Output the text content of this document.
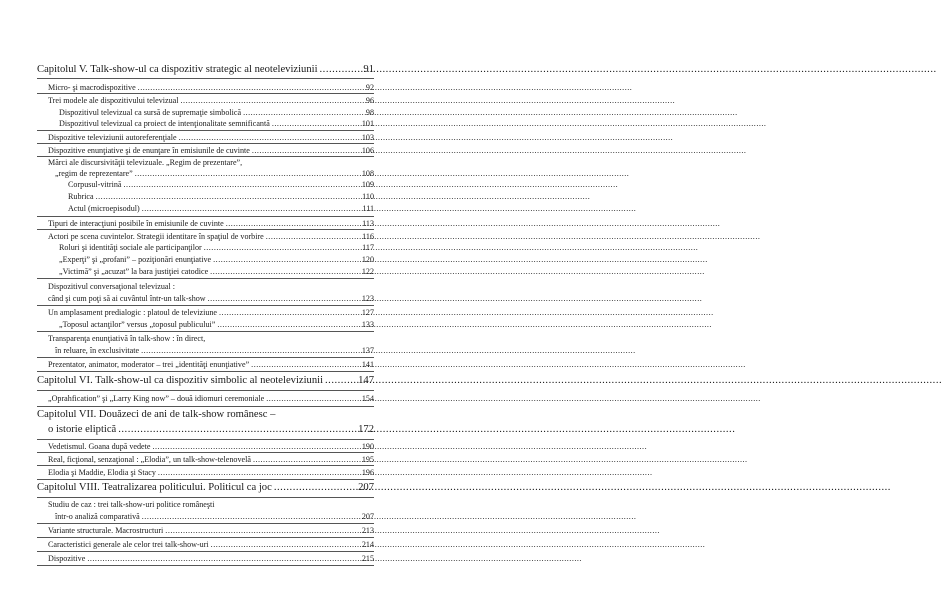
Capitolul V. Talk-show-ul ca dispozitiv strategic al neoteleviziunii .....	91
Micro- şi macrodispozitive .....	92
Trei modele ale dispozitivului televizual .....	96
Dispozitivul televizual ca sursă de supremaţie simbolică .....	98
Dispozitivul televizual ca proiect de intenţionalitate semnificantă .....	101
Dispozitive televiziunii autoreferenţiale .....	103
Dispozitive enunţiative şi de enunţare în emisiunile de cuvinte .....	106
Mărci ale discursivităţii televizuale. „Regim de prezentare”,
„regim de reprezentare” .....	108
Corpusul-vitrină .....	109
Rubrica .....	110
Actul (microepisodul) .....	111
Tipuri de interacţiuni posibile în emisiunile de cuvinte .....	113
Actori pe scena cuvintelor. Strategii identitare în spaţiul de vorbire .....	116
Roluri şi identităţi sociale ale participanţilor .....	117
„Experţi” şi „profani” – poziţionări enunţiative .....	120
„Victimă” şi „acuzat” la bara justiţiei catodice .....	122
Dispozitivul conversaţional televizual :
când şi cum poţi să ai cuvântul într-un talk-show .....	123
Un amplasament predialogic : platoul de televiziune .....	127
„Toposul actanţilor” versus „toposul publicului” .....	133
Transparenţa enunţiativă în talk-show : în direct,
în reluare, în exclusivitate .....	137
Prezentator, animator, moderator – trei „identităţi enunţiative” .....	141
Capitolul VI. Talk-show-ul ca dispozitiv simbolic al neoteleviziunii .....	147
„Oprahfication” şi „Larry King now” – două idiomuri ceremoniale .....	154
Capitolul VII. Douăzeci de ani de talk-show românesc –
o istorie eliptică .....	172
Vedetismul. Goana după vedete .....	190
Real, ficţional, senzaţional : „Elodia”, un talk-show-telenovelă .....	195
Elodia şi Maddie, Elodia şi Stacy .....	196
Capitolul VIII. Teatralizarea politicului. Politicul ca joc .....	207
Studiu de caz : trei talk-show-uri politice româneşti
într-o analiză comparativă .....	207
Variante structurale. Macrostructuri .....	213
Caracteristici generale ale celor trei talk-show-uri .....	214
Dispozitive .....	215
